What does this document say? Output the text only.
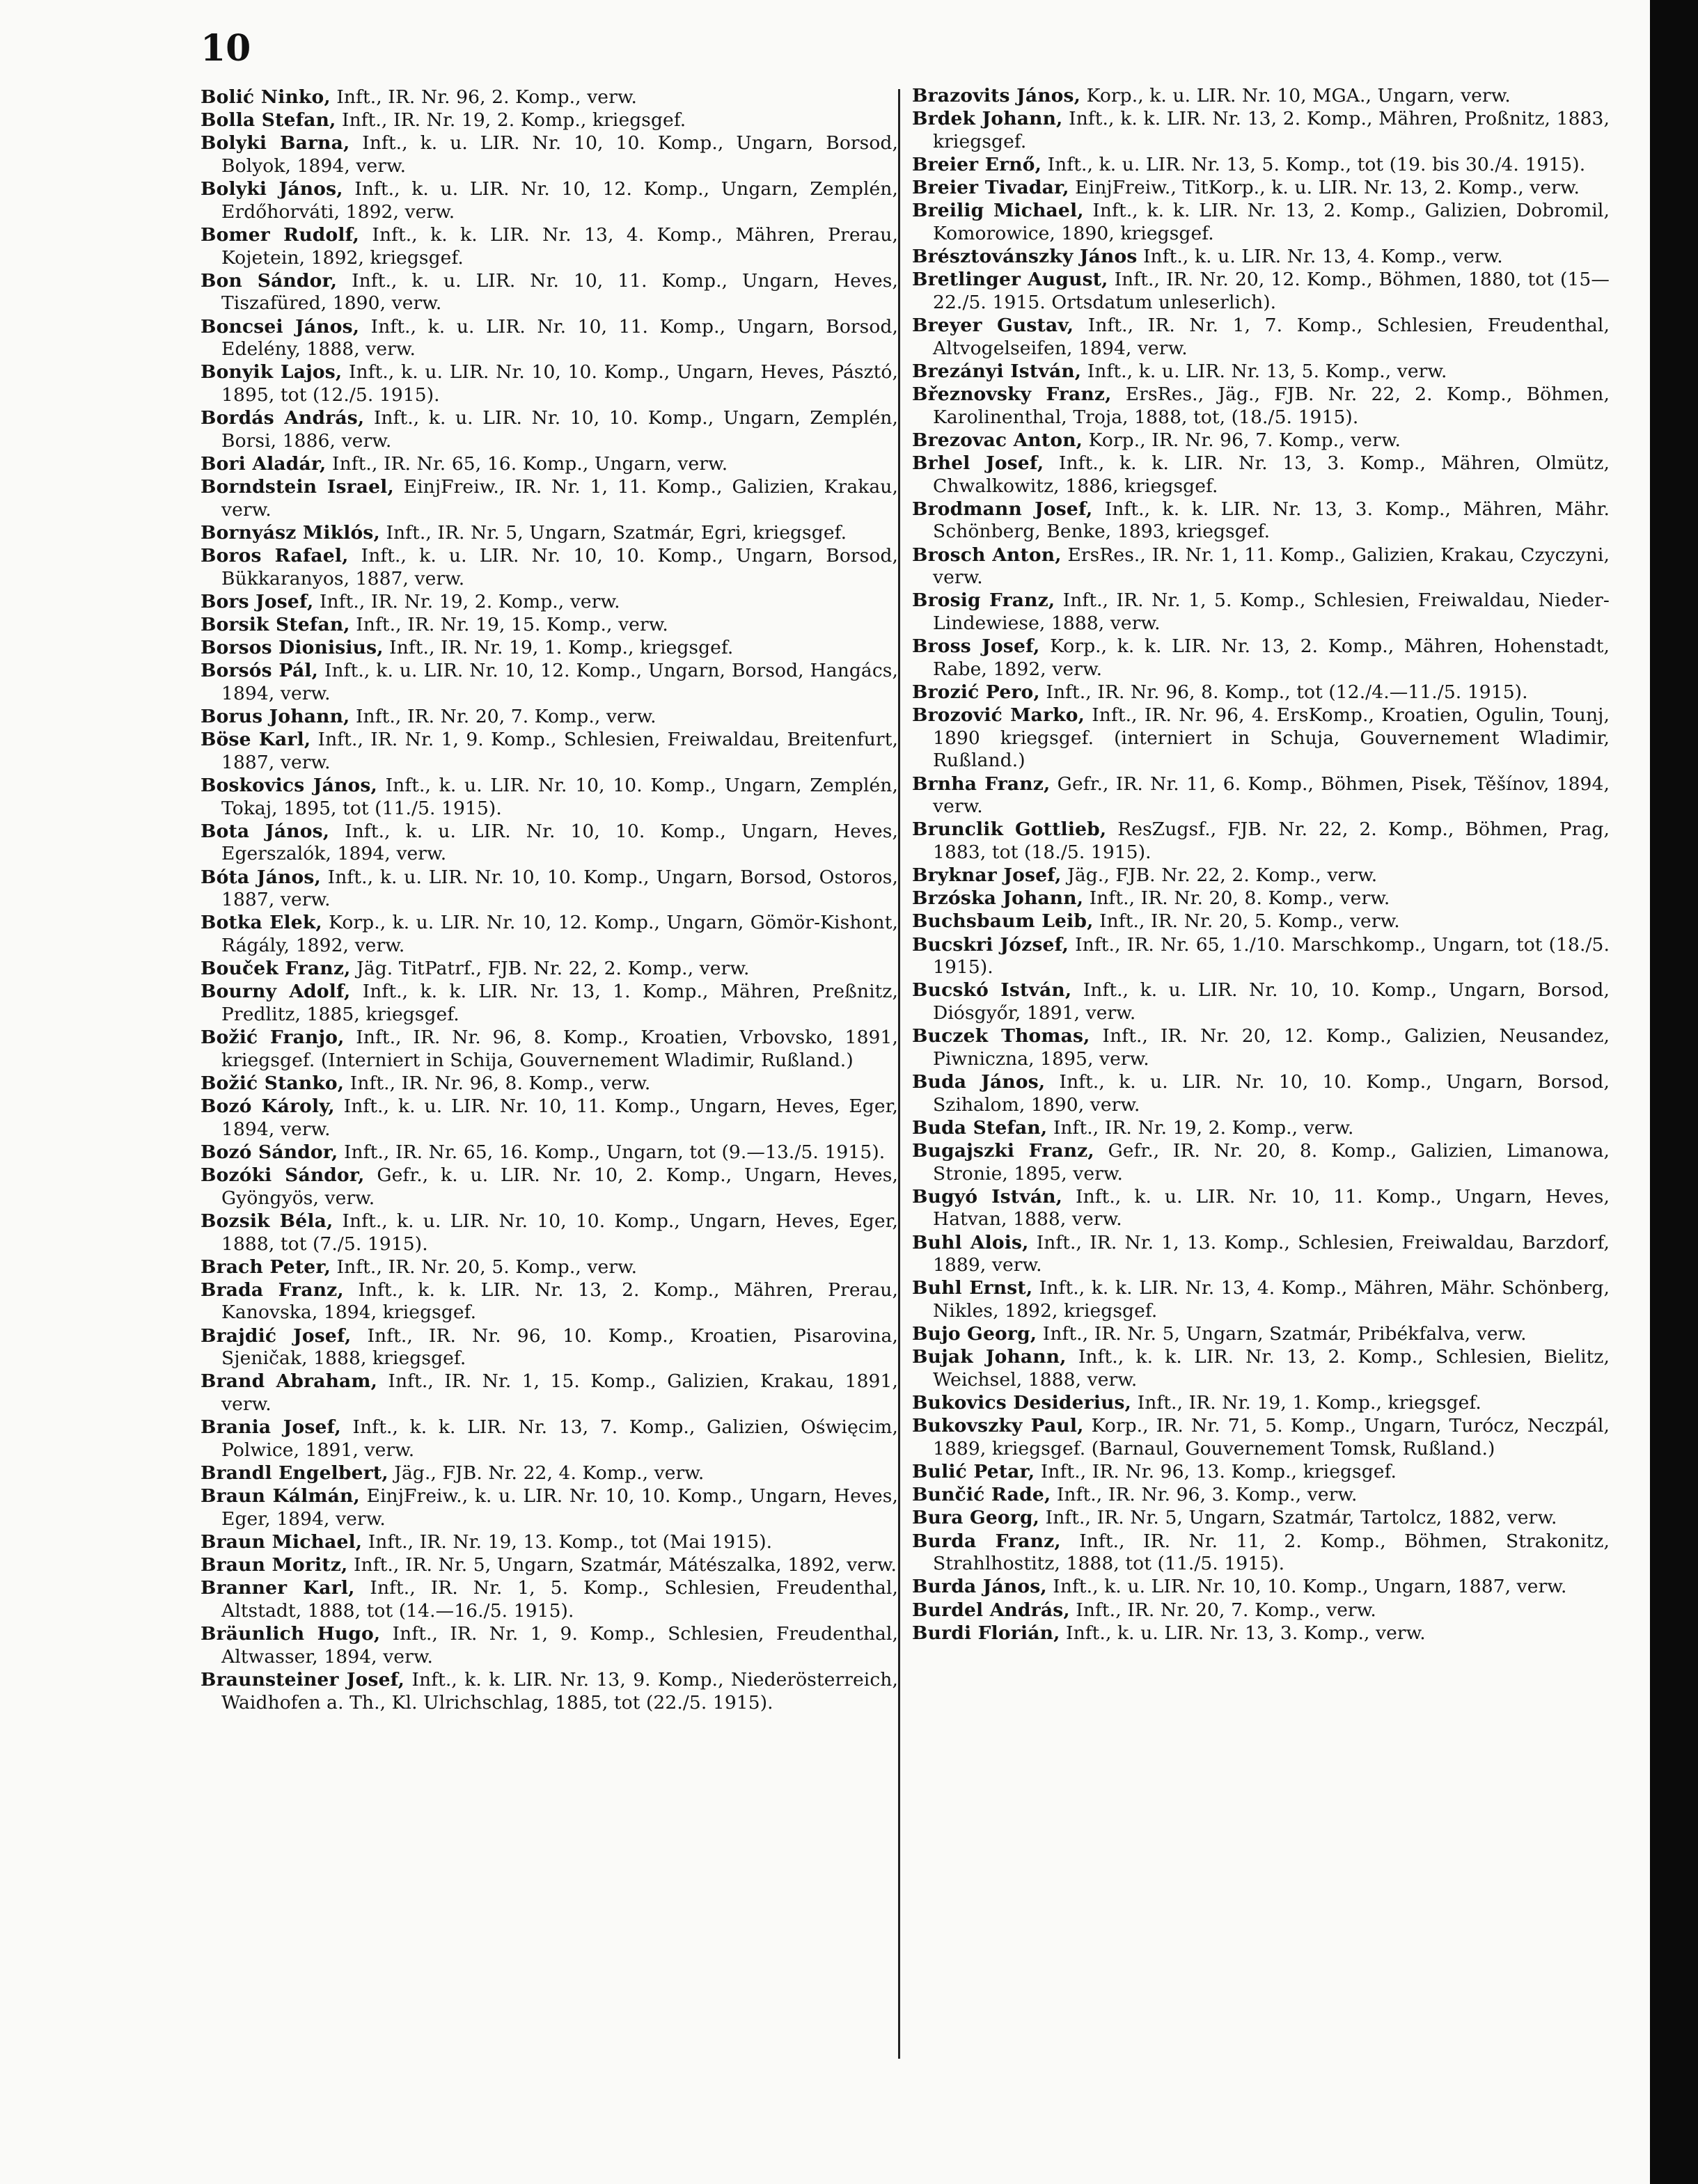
10

Bolić Ninko, Inft., IR. Nr. 96, 2. Komp., verw.

Bolla Stefan, Inft., IR. Nr. 19, 2. Komp., kriegsgef.

Bolyki Barna, Inft., k. u. LIR. Nr. 10, 10. Komp., Ungarn, Borsod, Bolyok, 1894, verw.

Bolyki János, Inft., k. u. LIR. Nr. 10, 12. Komp., Ungarn, Zemplén, Erdőhorváti, 1892, verw.

Bomer Rudolf, Inft., k. k. LIR. Nr. 13, 4. Komp., Mähren, Prerau, Kojetein, 1892, kriegsgef.

Bon Sándor, Inft., k. u. LIR. Nr. 10, 11. Komp., Ungarn, Heves, Tiszafüred, 1890, verw.

Boncsei János, Inft., k. u. LIR. Nr. 10, 11. Komp., Ungarn, Borsod, Edelény, 1888, verw.

Bonyik Lajos, Inft., k. u. LIR. Nr. 10, 10. Komp., Ungarn, Heves, Pásztó, 1895, tot (12./5. 1915).

Bordás András, Inft., k. u. LIR. Nr. 10, 10. Komp., Ungarn, Zemplén, Borsi, 1886, verw.

Bori Aladár, Inft., IR. Nr. 65, 16. Komp., Ungarn, verw.

Borndstein Israel, EinjFreiw., IR. Nr. 1, 11. Komp., Galizien, Krakau, verw.

Bornyász Miklós, Inft., IR. Nr. 5, Ungarn, Szatmár, Egri, kriegsgef.

Boros Rafael, Inft., k. u. LIR. Nr. 10, 10. Komp., Ungarn, Borsod, Bükkaranyos, 1887, verw.

Bors Josef, Inft., IR. Nr. 19, 2. Komp., verw.

Borsik Stefan, Inft., IR. Nr. 19, 15. Komp., verw.

Borsos Dionisius, Inft., IR. Nr. 19, 1. Komp., kriegsgef.

Borsós Pál, Inft., k. u. LIR. Nr. 10, 12. Komp., Ungarn, Borsod, Hangács, 1894, verw.

Borus Johann, Inft., IR. Nr. 20, 7. Komp., verw.

Böse Karl, Inft., IR. Nr. 1, 9. Komp., Schlesien, Freiwaldau, Breitenfurt, 1887, verw.

Boskovics János, Inft., k. u. LIR. Nr. 10, 10. Komp., Ungarn, Zemplén, Tokaj, 1895, tot (11./5. 1915).

Bota János, Inft., k. u. LIR. Nr. 10, 10. Komp., Ungarn, Heves, Egerszalók, 1894, verw.

Bóta János, Inft., k. u. LIR. Nr. 10, 10. Komp., Ungarn, Borsod, Ostoros, 1887, verw.

Botka Elek, Korp., k. u. LIR. Nr. 10, 12. Komp., Ungarn, Gömör-Kishont, Rágály, 1892, verw.

Bouček Franz, Jäg. TitPatrf., FJB. Nr. 22, 2. Komp., verw.

Bourny Adolf, Inft., k. k. LIR. Nr. 13, 1. Komp., Mähren, Preßnitz, Predlitz, 1885, kriegsgef.

Božić Franjo, Inft., IR. Nr. 96, 8. Komp., Kroatien, Vrbovsko, 1891, kriegsgef. (Interniert in Schija, Gouvernement Wladimir, Rußland.)

Božić Stanko, Inft., IR. Nr. 96, 8. Komp., verw.

Bozó Károly, Inft., k. u. LIR. Nr. 10, 11. Komp., Ungarn, Heves, Eger, 1894, verw.

Bozó Sándor, Inft., IR. Nr. 65, 16. Komp., Ungarn, tot (9.—13./5. 1915).

Bozóki Sándor, Gefr., k. u. LIR. Nr. 10, 2. Komp., Ungarn, Heves, Gyöngyös, verw.

Bozsik Béla, Inft., k. u. LIR. Nr. 10, 10. Komp., Ungarn, Heves, Eger, 1888, tot (7./5. 1915).

Brach Peter, Inft., IR. Nr. 20, 5. Komp., verw.

Brada Franz, Inft., k. k. LIR. Nr. 13, 2. Komp., Mähren, Prerau, Kanovska, 1894, kriegsgef.

Brajdić Josef, Inft., IR. Nr. 96, 10. Komp., Kroatien, Pisarovina, Sjeničak, 1888, kriegsgef.

Brand Abraham, Inft., IR. Nr. 1, 15. Komp., Galizien, Krakau, 1891, verw.

Brania Josef, Inft., k. k. LIR. Nr. 13, 7. Komp., Galizien, Oświęcim, Polwice, 1891, verw.

Brandl Engelbert, Jäg., FJB. Nr. 22, 4. Komp., verw.

Braun Kálmán, EinjFreiw., k. u. LIR. Nr. 10, 10. Komp., Ungarn, Heves, Eger, 1894, verw.

Braun Michael, Inft., IR. Nr. 19, 13. Komp., tot (Mai 1915).

Braun Moritz, Inft., IR. Nr. 5, Ungarn, Szatmár, Mátészalka, 1892, verw.

Branner Karl, Inft., IR. Nr. 1, 5. Komp., Schlesien, Freudenthal, Altstadt, 1888, tot (14.—16./5. 1915).

Bräunlich Hugo, Inft., IR. Nr. 1, 9. Komp., Schlesien, Freudenthal, Altwasser, 1894, verw.

Braunsteiner Josef, Inft., k. k. LIR. Nr. 13, 9. Komp., Niederösterreich, Waidhofen a. Th., Kl. Ulrichschlag, 1885, tot (22./5. 1915).

Brazovits János, Korp., k. u. LIR. Nr. 10, MGA., Ungarn, verw.

Brdek Johann, Inft., k. k. LIR. Nr. 13, 2. Komp., Mähren, Proßnitz, 1883, kriegsgef.

Breier Ernő, Inft., k. u. LIR. Nr. 13, 5. Komp., tot (19. bis 30./4. 1915).

Breier Tivadar, EinjFreiw., TitKorp., k. u. LIR. Nr. 13, 2. Komp., verw.

Breilig Michael, Inft., k. k. LIR. Nr. 13, 2. Komp., Galizien, Dobromil, Komorowice, 1890, kriegsgef.

Brésztovánszky János Inft., k. u. LIR. Nr. 13, 4. Komp., verw.

Bretlinger August, Inft., IR. Nr. 20, 12. Komp., Böhmen, 1880, tot (15—22./5. 1915. Ortsdatum unleserlich).

Breyer Gustav, Inft., IR. Nr. 1, 7. Komp., Schlesien, Freudenthal, Altvogelseifen, 1894, verw.

Brezányi István, Inft., k. u. LIR. Nr. 13, 5. Komp., verw.

Březnovsky Franz, ErsRes., Jäg., FJB. Nr. 22, 2. Komp., Böhmen, Karolinenthal, Troja, 1888, tot, (18./5. 1915).

Brezovac Anton, Korp., IR. Nr. 96, 7. Komp., verw.

Brhel Josef, Inft., k. k. LIR. Nr. 13, 3. Komp., Mähren, Olmütz, Chwalkowitz, 1886, kriegsgef.

Brodmann Josef, Inft., k. k. LIR. Nr. 13, 3. Komp., Mähren, Mähr. Schönberg, Benke, 1893, kriegsgef.

Brosch Anton, ErsRes., IR. Nr. 1, 11. Komp., Galizien, Krakau, Czyczyni, verw.

Brosig Franz, Inft., IR. Nr. 1, 5. Komp., Schlesien, Freiwaldau, Nieder-Lindewiese, 1888, verw.

Bross Josef, Korp., k. k. LIR. Nr. 13, 2. Komp., Mähren, Hohenstadt, Rabe, 1892, verw.

Brozić Pero, Inft., IR. Nr. 96, 8. Komp., tot (12./4.—11./5. 1915).

Brozović Marko, Inft., IR. Nr. 96, 4. ErsKomp., Kroatien, Ogulin, Tounj, 1890 kriegsgef. (interniert in Schuja, Gouvernement Wladimir, Rußland.)

Brnha Franz, Gefr., IR. Nr. 11, 6. Komp., Böhmen, Pisek, Těšínov, 1894, verw.

Brunclik Gottlieb, ResZugsf., FJB. Nr. 22, 2. Komp., Böhmen, Prag, 1883, tot (18./5. 1915).

Bryknar Josef, Jäg., FJB. Nr. 22, 2. Komp., verw.

Brzóska Johann, Inft., IR. Nr. 20, 8. Komp., verw.

Buchsbaum Leib, Inft., IR. Nr. 20, 5. Komp., verw.

Bucskri József, Inft., IR. Nr. 65, 1./10. Marschkomp., Ungarn, tot (18./5. 1915).

Bucskó István, Inft., k. u. LIR. Nr. 10, 10. Komp., Ungarn, Borsod, Diósgyőr, 1891, verw.

Buczek Thomas, Inft., IR. Nr. 20, 12. Komp., Galizien, Neusandez, Piwniczna, 1895, verw.

Buda János, Inft., k. u. LIR. Nr. 10, 10. Komp., Ungarn, Borsod, Szihalom, 1890, verw.

Buda Stefan, Inft., IR. Nr. 19, 2. Komp., verw.

Bugajszki Franz, Gefr., IR. Nr. 20, 8. Komp., Galizien, Limanowa, Stronie, 1895, verw.

Bugyó István, Inft., k. u. LIR. Nr. 10, 11. Komp., Ungarn, Heves, Hatvan, 1888, verw.

Buhl Alois, Inft., IR. Nr. 1, 13. Komp., Schlesien, Freiwaldau, Barzdorf, 1889, verw.

Buhl Ernst, Inft., k. k. LIR. Nr. 13, 4. Komp., Mähren, Mähr. Schönberg, Nikles, 1892, kriegsgef.

Bujo Georg, Inft., IR. Nr. 5, Ungarn, Szatmár, Pribékfalva, verw.

Bujak Johann, Inft., k. k. LIR. Nr. 13, 2. Komp., Schlesien, Bielitz, Weichsel, 1888, verw.

Bukovics Desiderius, Inft., IR. Nr. 19, 1. Komp., kriegsgef.

Bukovszky Paul, Korp., IR. Nr. 71, 5. Komp., Ungarn, Turócz, Neczpál, 1889, kriegsgef. (Barnaul, Gouvernement Tomsk, Rußland.)

Bulić Petar, Inft., IR. Nr. 96, 13. Komp., kriegsgef.

Bunčić Rade, Inft., IR. Nr. 96, 3. Komp., verw.

Bura Georg, Inft., IR. Nr. 5, Ungarn, Szatmár, Tartolcz, 1882, verw.

Burda Franz, Inft., IR. Nr. 11, 2. Komp., Böhmen, Strakonitz, Strahlhostitz, 1888, tot (11./5. 1915).

Burda János, Inft., k. u. LIR. Nr. 10, 10. Komp., Ungarn, 1887, verw.

Burdel András, Inft., IR. Nr. 20, 7. Komp., verw.

Burdi Florián, Inft., k. u. LIR. Nr. 13, 3. Komp., verw.
